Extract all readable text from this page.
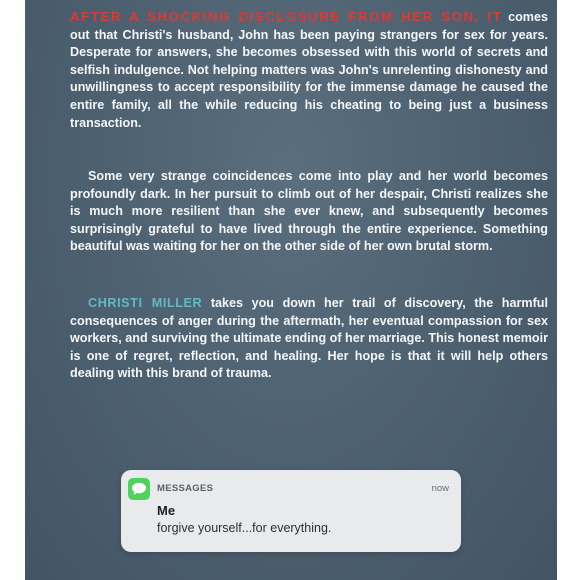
AFTER A SHOCKING DISCLOSURE FROM HER SON, IT comes out that Christi's husband, John has been paying strangers for sex for years. Desperate for answers, she becomes obsessed with this world of secrets and selfish indulgence. Not helping matters was John's unrelenting dishonesty and unwillingness to accept responsibility for the immense damage he caused the entire family, all the while reducing his cheating to being just a business transaction.
Some very strange coincidences come into play and her world becomes profoundly dark. In her pursuit to climb out of her despair, Christi realizes she is much more resilient than she ever knew, and subsequently becomes surprisingly grateful to have lived through the entire experience. Something beautiful was waiting for her on the other side of her own brutal storm.
CHRISTI MILLER takes you down her trail of discovery, the harmful consequences of anger during the aftermath, her eventual compassion for sex workers, and surviving the ultimate ending of her marriage. This honest memoir is one of regret, reflection, and healing. Her hope is that it will help others dealing with this brand of trauma.
MESSAGES	now
Me
forgive yourself...for everything.
